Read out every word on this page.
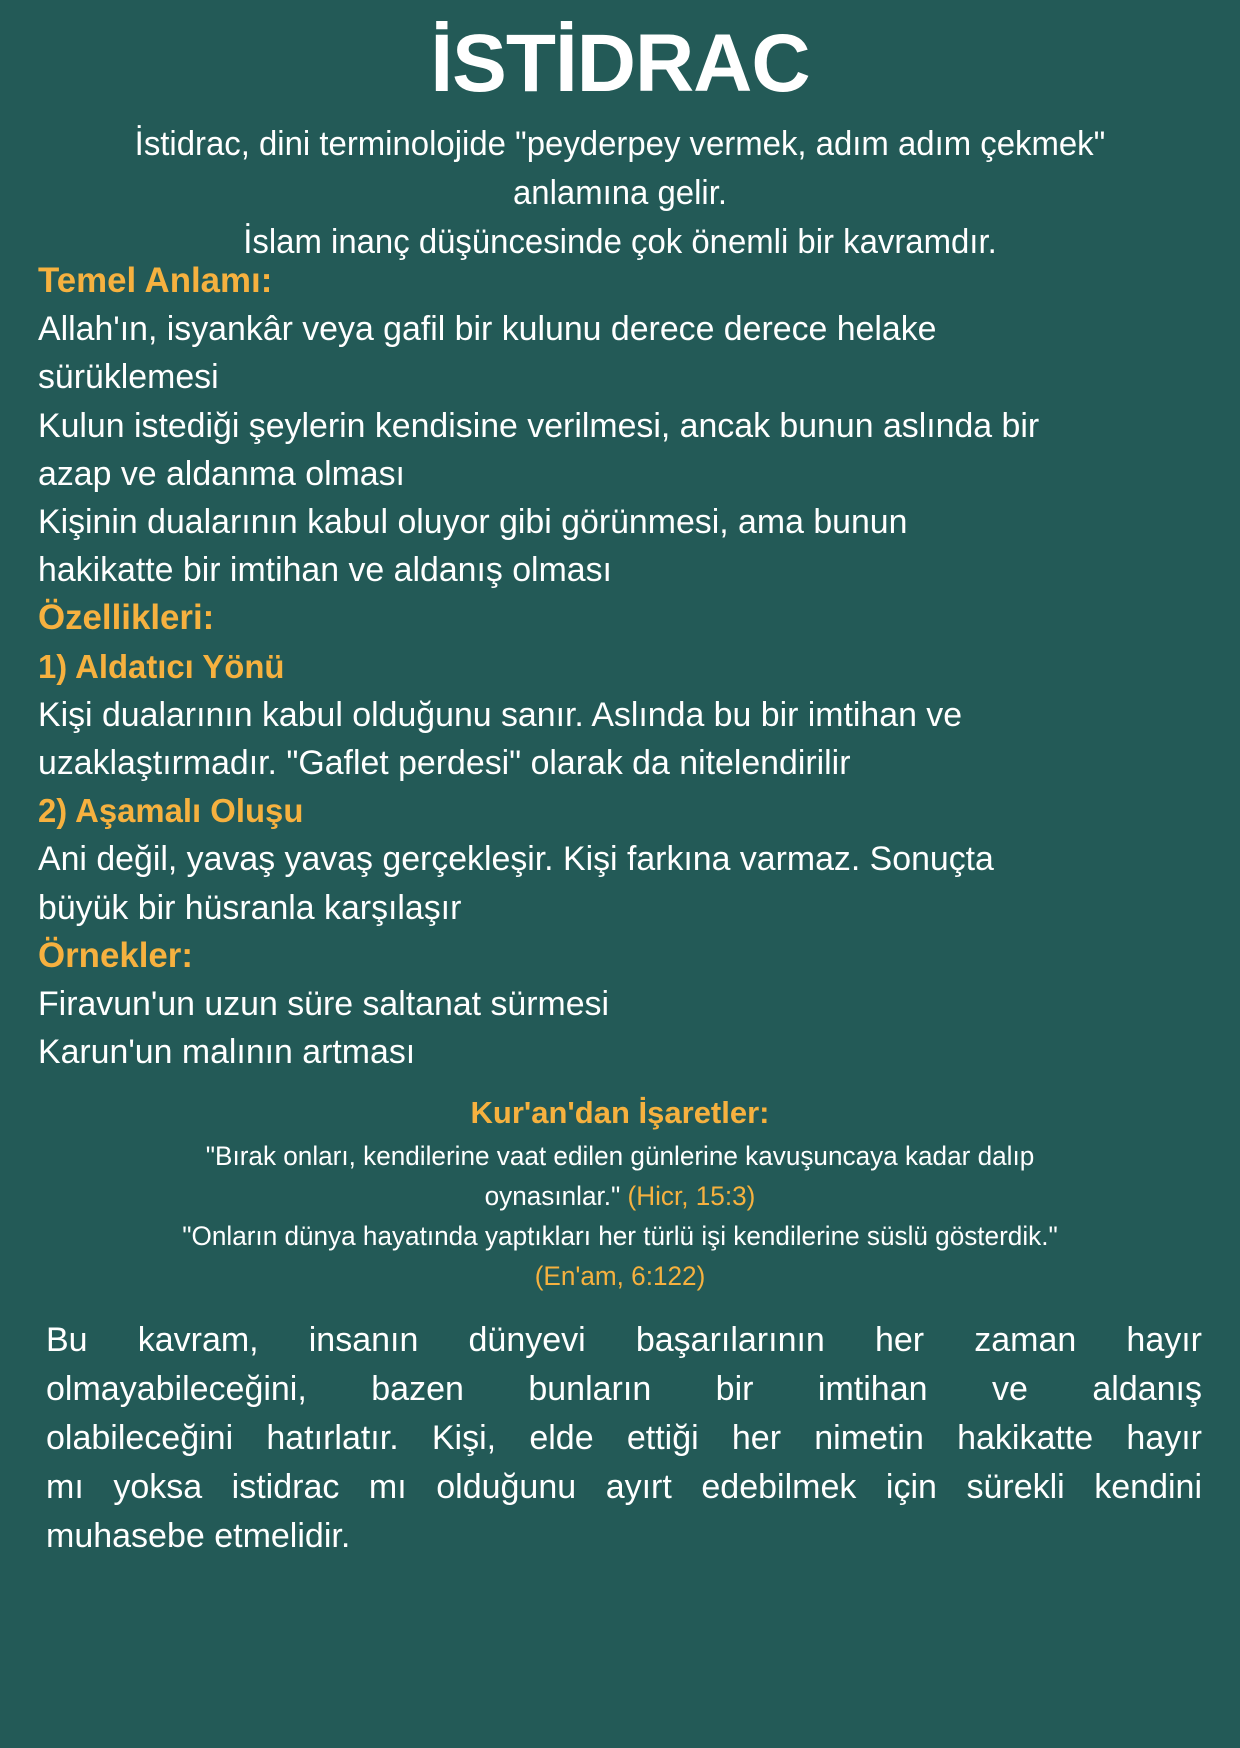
İSTİDRAC
İstidrac, dini terminolojide "peyderpey vermek, adım adım çekmek"
anlamına gelir.
İslam inanç düşüncesinde çok önemli bir kavramdır.
Temel Anlamı:
Allah'ın, isyankâr veya gafil bir kulunu derece derece helake
sürüklemesi
Kulun istediği şeylerin kendisine verilmesi, ancak bunun aslında bir
azap ve aldanma olması
Kişinin dualarının kabul oluyor gibi görünmesi, ama bunun
hakikatte bir imtihan ve aldanış olması
Özellikleri:
1) Aldatıcı Yönü
Kişi dualarının kabul olduğunu sanır. Aslında bu bir imtihan ve
uzaklaştırmadır. "Gaflet perdesi" olarak da nitelendirilir
2) Aşamalı Oluşu
Ani değil, yavaş yavaş gerçekleşir. Kişi farkına varmaz. Sonuçta
büyük bir hüsranla karşılaşır
Örnekler:
Firavun'un uzun süre saltanat sürmesi
Karun'un malının artması
Kur'an'dan İşaretler:
"Bırak onları, kendilerine vaat edilen günlerine kavuşuncaya kadar dalıp
oynasınlar." (Hicr, 15:3)
"Onların dünya hayatında yaptıkları her türlü işi kendilerine süslü gösterdik."
(En'am, 6:122)
Bu kavram, insanın dünyevi başarılarının her zaman hayır
olmayabileceğini, bazen bunların bir imtihan ve aldanış
olabileceğini hatırlatır. Kişi, elde ettiği her nimetin hakikatte hayır
mı yoksa istidrac mı olduğunu ayırt edebilmek için sürekli kendini
muhasebe etmelidir.
